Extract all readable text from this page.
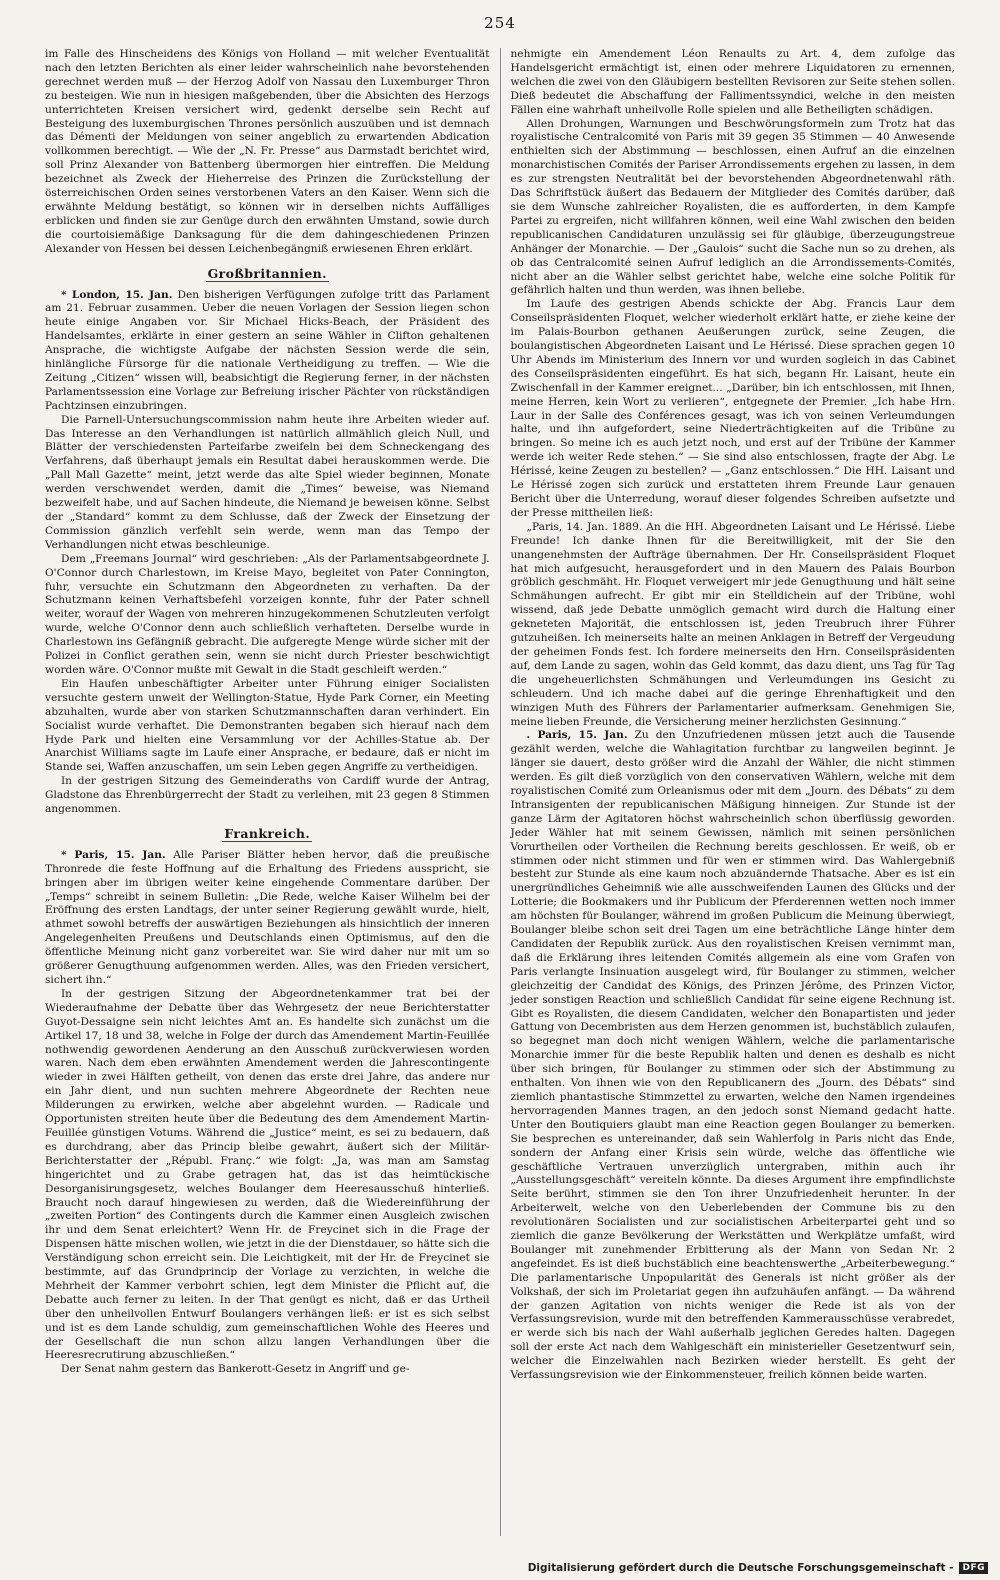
254

im Falle des Hinscheidens des Königs von Holland — mit welcher Eventualität nach den letzten Berichten als einer leider wahrscheinlich nahe bevorstehenden gerechnet werden muß — der Herzog Adolf von Nassau den Luxemburger Thron zu besteigen. Wie nun in hiesigen maßgebenden, über die Absichten des Herzogs unterrichteten Kreisen versichert wird, gedenkt derselbe sein Recht auf Besteigung des luxemburgischen Thrones persönlich auszuüben und ist demnach das Démenti der Meldungen von seiner angeblich zu erwartenden Abdication vollkommen berechtigt. — Wie der „N. Fr. Presse“ aus Darmstadt berichtet wird, soll Prinz Alexander von Battenberg übermorgen hier eintreffen. Die Meldung bezeichnet als Zweck der Hieherreise des Prinzen die Zurückstellung der österreichischen Orden seines verstorbenen Vaters an den Kaiser. Wenn sich die erwähnte Meldung bestätigt, so können wir in derselben nichts Auffälliges erblicken und finden sie zur Genüge durch den erwähnten Umstand, sowie durch die courtoisiemäßige Danksagung für die dem dahingeschiedenen Prinzen Alexander von Hessen bei dessen Leichenbegängniß erwiesenen Ehren erklärt.

Großbritannien.

* London, 15. Jan. Den bisherigen Verfügungen zufolge tritt das Parlament am 21. Februar zusammen. Ueber die neuen Vorlagen der Session liegen schon heute einige Angaben vor. Sir Michael Hicks-Beach, der Präsident des Handelsamtes, erklärte in einer gestern an seine Wähler in Clifton gehaltenen Ansprache, die wichtigste Aufgabe der nächsten Session werde die sein, hinlängliche Fürsorge für die nationale Vertheidigung zu treffen. — Wie die Zeitung „Citizen“ wissen will, beabsichtigt die Regierung ferner, in der nächsten Parlamentssession eine Vorlage zur Befreiung irischer Pächter von rückständigen Pachtzinsen einzubringen.

Die Parnell-Untersuchungscommission nahm heute ihre Arbeiten wieder auf. Das Interesse an den Verhandlungen ist natürlich allmählich gleich Null, und Blätter der verschiedensten Parteifarbe zweifeln bei dem Schneckengang des Verfahrens, daß überhaupt jemals ein Resultat dabei herauskommen werde. Die „Pall Mall Gazette“ meint, jetzt werde das alte Spiel wieder beginnen, Monate werden verschwendet werden, damit die „Times“ beweise, was Niemand bezweifelt habe, und auf Sachen hindeute, die Niemand je beweisen könne. Selbst der „Standard“ kommt zu dem Schlusse, daß der Zweck der Einsetzung der Commission gänzlich verfehlt sein werde, wenn man das Tempo der Verhandlungen nicht etwas beschleunige.

Dem „Freemans Journal“ wird geschrieben: „Als der Parlamentsabgeordnete J. O'Connor durch Charlestown, im Kreise Mayo, begleitet von Pater Connington, fuhr, versuchte ein Schutzmann den Abgeordneten zu verhaften. Da der Schutzmann keinen Verhaftsbefehl vorzeigen konnte, fuhr der Pater schnell weiter, worauf der Wagen von mehreren hinzugekommenen Schutzleuten verfolgt wurde, welche O'Connor denn auch schließlich verhafteten. Derselbe wurde in Charlestown ins Gefängniß gebracht. Die aufgeregte Menge würde sicher mit der Polizei in Conflict gerathen sein, wenn sie nicht durch Priester beschwichtigt worden wäre. O'Connor mußte mit Gewalt in die Stadt geschleift werden.“

Ein Haufen unbeschäftigter Arbeiter unter Führung einiger Socialisten versuchte gestern unweit der Wellington-Statue, Hyde Park Corner, ein Meeting abzuhalten, wurde aber von starken Schutzmannschaften daran verhindert. Ein Socialist wurde verhaftet. Die Demonstranten begaben sich hierauf nach dem Hyde Park und hielten eine Versammlung vor der Achilles-Statue ab. Der Anarchist Williams sagte im Laufe einer Ansprache, er bedaure, daß er nicht im Stande sei, Waffen anzuschaffen, um sein Leben gegen Angriffe zu vertheidigen.

In der gestrigen Sitzung des Gemeinderaths von Cardiff wurde der Antrag, Gladstone das Ehrenbürgerrecht der Stadt zu verleihen, mit 23 gegen 8 Stimmen angenommen.

Frankreich.

* Paris, 15. Jan. Alle Pariser Blätter heben hervor, daß die preußische Thronrede die feste Hoffnung auf die Erhaltung des Friedens ausspricht, sie bringen aber im übrigen weiter keine eingehende Commentare darüber. Der „Temps“ schreibt in seinem Bulletin: „Die Rede, welche Kaiser Wilhelm bei der Eröffnung des ersten Landtags, der unter seiner Regierung gewählt wurde, hielt, athmet sowohl betreffs der auswärtigen Beziehungen als hinsichtlich der inneren Angelegenheiten Preußens und Deutschlands einen Optimismus, auf den die öffentliche Meinung nicht ganz vorbereitet war. Sie wird daher nur mit um so größerer Genugthuung aufgenommen werden. Alles, was den Frieden versichert, sichert ihn.“

In der gestrigen Sitzung der Abgeordnetenkammer trat bei der Wiederaufnahme der Debatte über das Wehrgesetz der neue Berichterstatter Guyot-Dessaigne sein nicht leichtes Amt an. Es handelte sich zunächst um die Artikel 17, 18 und 38, welche in Folge der durch das Amendement Martin-Feuillée nothwendig gewordenen Aenderung an den Ausschuß zurückverwiesen worden waren. Nach dem eben erwähnten Amendement werden die Jahrescontingente wieder in zwei Hälften getheilt, von denen das erste drei Jahre, das andere nur ein Jahr dient, und nun suchten mehrere Abgeordnete der Rechten neue Milderungen zu erwirken, welche aber abgelehnt wurden. — Radicale und Opportunisten streiten heute über die Bedeutung des dem Amendement Martin-Feuillée günstigen Votums. Während die „Justice“ meint, es sei zu bedauern, daß es durchdrang, aber das Princip bleibe gewahrt, äußert sich der Militär-Berichterstatter der „Républ. Franç.“ wie folgt: „Ja, was man am Samstag hingerichtet und zu Grabe getragen hat, das ist das heimtückische Desorganisirungsgesetz, welches Boulanger dem Heeresausschuß hinterließ. Braucht noch darauf hingewiesen zu werden, daß die Wiedereinführung der „zweiten Portion“ des Contingents durch die Kammer einen Ausgleich zwischen ihr und dem Senat erleichtert? Wenn Hr. de Freycinet sich in die Frage der Dispensen hätte mischen wollen, wie jetzt in die der Dienstdauer, so hätte sich die Verständigung schon erreicht sein. Die Leichtigkeit, mit der Hr. de Freycinet sie bestimmte, auf das Grundprincip der Vorlage zu verzichten, in welche die Mehrheit der Kammer verbohrt schien, legt dem Minister die Pflicht auf, die Debatte auch ferner zu leiten. In der That genügt es nicht, daß er das Urtheil über den unheilvollen Entwurf Boulangers verhängen ließ: er ist es sich selbst und ist es dem Lande schuldig, zum gemeinschaftlichen Wohle des Heeres und der Gesellschaft die nun schon allzu langen Verhandlungen über die Heeresrecrutirung abzuschließen.“

Der Senat nahm gestern das Bankerott-Gesetz in Angriff und ge-

nehmigte ein Amendement Léon Renaults zu Art. 4, dem zufolge das Handelsgericht ermächtigt ist, einen oder mehrere Liquidatoren zu ernennen, welchen die zwei von den Gläubigern bestellten Revisoren zur Seite stehen sollen. Dieß bedeutet die Abschaffung der Fallimentssyndici, welche in den meisten Fällen eine wahrhaft unheilvolle Rolle spielen und alle Betheiligten schädigen.

Allen Drohungen, Warnungen und Beschwörungsformeln zum Trotz hat das royalistische Centralcomité von Paris mit 39 gegen 35 Stimmen — 40 Anwesende enthielten sich der Abstimmung — beschlossen, einen Aufruf an die einzelnen monarchistischen Comités der Pariser Arrondissements ergehen zu lassen, in dem es zur strengsten Neutralität bei der bevorstehenden Abgeordnetenwahl räth. Das Schriftstück äußert das Bedauern der Mitglieder des Comités darüber, daß sie dem Wunsche zahlreicher Royalisten, die es aufforderten, in dem Kampfe Partei zu ergreifen, nicht willfahren können, weil eine Wahl zwischen den beiden republicanischen Candidaturen unzulässig sei für gläubige, überzeugungstreue Anhänger der Monarchie. — Der „Gaulois“ sucht die Sache nun so zu drehen, als ob das Centralcomité seinen Aufruf lediglich an die Arrondissements-Comités, nicht aber an die Wähler selbst gerichtet habe, welche eine solche Politik für gefährlich halten und thun werden, was ihnen beliebe.

Im Laufe des gestrigen Abends schickte der Abg. Francis Laur dem Conseilspräsidenten Floquet, welcher wiederholt erklärt hatte, er ziehe keine der im Palais-Bourbon gethanen Aeußerungen zurück, seine Zeugen, die boulangistischen Abgeordneten Laisant und Le Hérissé. Diese sprachen gegen 10 Uhr Abends im Ministerium des Innern vor und wurden sogleich in das Cabinet des Conseilspräsidenten eingeführt. Es hat sich, begann Hr. Laisant, heute ein Zwischenfall in der Kammer ereignet... „Darüber, bin ich entschlossen, mit Ihnen, meine Herren, kein Wort zu verlieren“, entgegnete der Premier. „Ich habe Hrn. Laur in der Salle des Conférences gesagt, was ich von seinen Verleumdungen halte, und ihn aufgefordert, seine Niederträchtigkeiten auf die Tribüne zu bringen. So meine ich es auch jetzt noch, und erst auf der Tribüne der Kammer werde ich weiter Rede stehen.“ — Sie sind also entschlossen, fragte der Abg. Le Hérissé, keine Zeugen zu bestellen? — „Ganz entschlossen.“ Die HH. Laisant und Le Hérissé zogen sich zurück und erstatteten ihrem Freunde Laur genauen Bericht über die Unterredung, worauf dieser folgendes Schreiben aufsetzte und der Presse mittheilen ließ:

„Paris, 14. Jan. 1889. An die HH. Abgeordneten Laisant und Le Hérissé. Liebe Freunde! Ich danke Ihnen für die Bereitwilligkeit, mit der Sie den unangenehmsten der Aufträge übernahmen. Der Hr. Conseilspräsident Floquet hat mich aufgesucht, herausgefordert und in den Mauern des Palais Bourbon gröblich geschmäht. Hr. Floquet verweigert mir jede Genugthuung und hält seine Schmähungen aufrecht. Er gibt mir ein Stelldichein auf der Tribüne, wohl wissend, daß jede Debatte unmöglich gemacht wird durch die Haltung einer gekneteten Majorität, die entschlossen ist, jeden Treubruch ihrer Führer gutzuheißen. Ich meinerseits halte an meinen Anklagen in Betreff der Vergeudung der geheimen Fonds fest. Ich fordere meinerseits den Hrn. Conseilspräsidenten auf, dem Lande zu sagen, wohin das Geld kommt, das dazu dient, uns Tag für Tag die ungeheuerlichsten Schmähungen und Verleumdungen ins Gesicht zu schleudern. Und ich mache dabei auf die geringe Ehrenhaftigkeit und den winzigen Muth des Führers der Parlamentarier aufmerksam. Genehmigen Sie, meine lieben Freunde, die Versicherung meiner herzlichsten Gesinnung.“

. Paris, 15. Jan. Zu den Unzufriedenen müssen jetzt auch die Tausende gezählt werden, welche die Wahlagitation furchtbar zu langweilen beginnt. Je länger sie dauert, desto größer wird die Anzahl der Wähler, die nicht stimmen werden. Es gilt dieß vorzüglich von den conservativen Wählern, welche mit dem royalistischen Comité zum Orleanismus oder mit dem „Journ. des Débats“ zu dem Intransigenten der republicanischen Mäßigung hinneigen. Zur Stunde ist der ganze Lärm der Agitatoren höchst wahrscheinlich schon überflüssig geworden. Jeder Wähler hat mit seinem Gewissen, nämlich mit seinen persönlichen Vorurtheilen oder Vortheilen die Rechnung bereits geschlossen. Er weiß, ob er stimmen oder nicht stimmen und für wen er stimmen wird. Das Wahlergebniß besteht zur Stunde als eine kaum noch abzuändernde Thatsache. Aber es ist ein unergründliches Geheimniß wie alle ausschweifenden Launen des Glücks und der Lotterie; die Bookmakers und ihr Publicum der Pferderennen wetten noch immer am höchsten für Boulanger, während im großen Publicum die Meinung überwiegt, Boulanger bleibe schon seit drei Tagen um eine beträchtliche Länge hinter dem Candidaten der Republik zurück. Aus den royalistischen Kreisen vernimmt man, daß die Erklärung ihres leitenden Comités allgemein als eine vom Grafen von Paris verlangte Insinuation ausgelegt wird, für Boulanger zu stimmen, welcher gleichzeitig der Candidat des Königs, des Prinzen Jérôme, des Prinzen Victor, jeder sonstigen Reaction und schließlich Candidat für seine eigene Rechnung ist. Gibt es Royalisten, die diesem Candidaten, welcher den Bonapartisten und jeder Gattung von Decembristen aus dem Herzen genommen ist, buchstäblich zulaufen, so begegnet man doch nicht wenigen Wählern, welche die parlamentarische Monarchie immer für die beste Republik halten und denen es deshalb es nicht über sich bringen, für Boulanger zu stimmen oder sich der Abstimmung zu enthalten. Von ihnen wie von den Republicanern des „Journ. des Débats“ sind ziemlich phantastische Stimmzettel zu erwarten, welche den Namen irgendeines hervorragenden Mannes tragen, an den jedoch sonst Niemand gedacht hatte. Unter den Boutiquiers glaubt man eine Reaction gegen Boulanger zu bemerken. Sie besprechen es untereinander, daß sein Wahlerfolg in Paris nicht das Ende, sondern der Anfang einer Krisis sein würde, welche das öffentliche wie geschäftliche Vertrauen unverzüglich untergraben, mithin auch ihr „Ausstellungsgeschäft“ vereiteln könnte. Da dieses Argument ihre empfindlichste Seite berührt, stimmen sie den Ton ihrer Unzufriedenheit herunter. In der Arbeiterwelt, welche von den Ueberlebenden der Commune bis zu den revolutionären Socialisten und zur socialistischen Arbeiterpartei geht und so ziemlich die ganze Bevölkerung der Werkstätten und Werkplätze umfaßt, wird Boulanger mit zunehmender Erbitterung als der Mann von Sedan Nr. 2 angefeindet. Es ist dieß buchstäblich eine beachtenswerthe „Arbeiterbewegung.“ Die parlamentarische Unpopularität des Generals ist nicht größer als der Volkshaß, der sich im Proletariat gegen ihn aufzuhäufen anfängt. — Da während der ganzen Agitation von nichts weniger die Rede ist als von der Verfassungsrevision, wurde mit den betreffenden Kammerausschüsse verabredet, er werde sich bis nach der Wahl außerhalb jeglichen Geredes halten. Dagegen soll der erste Act nach dem Wahlgeschäft ein ministerieller Gesetzentwurf sein, welcher die Einzelwahlen nach Bezirken wieder herstellt. Es geht der Verfassungsrevision wie der Einkommensteuer, freilich können beide warten.

Digitalisierung gefördert durch die Deutsche Forschungsgemeinschaft -	DFG
